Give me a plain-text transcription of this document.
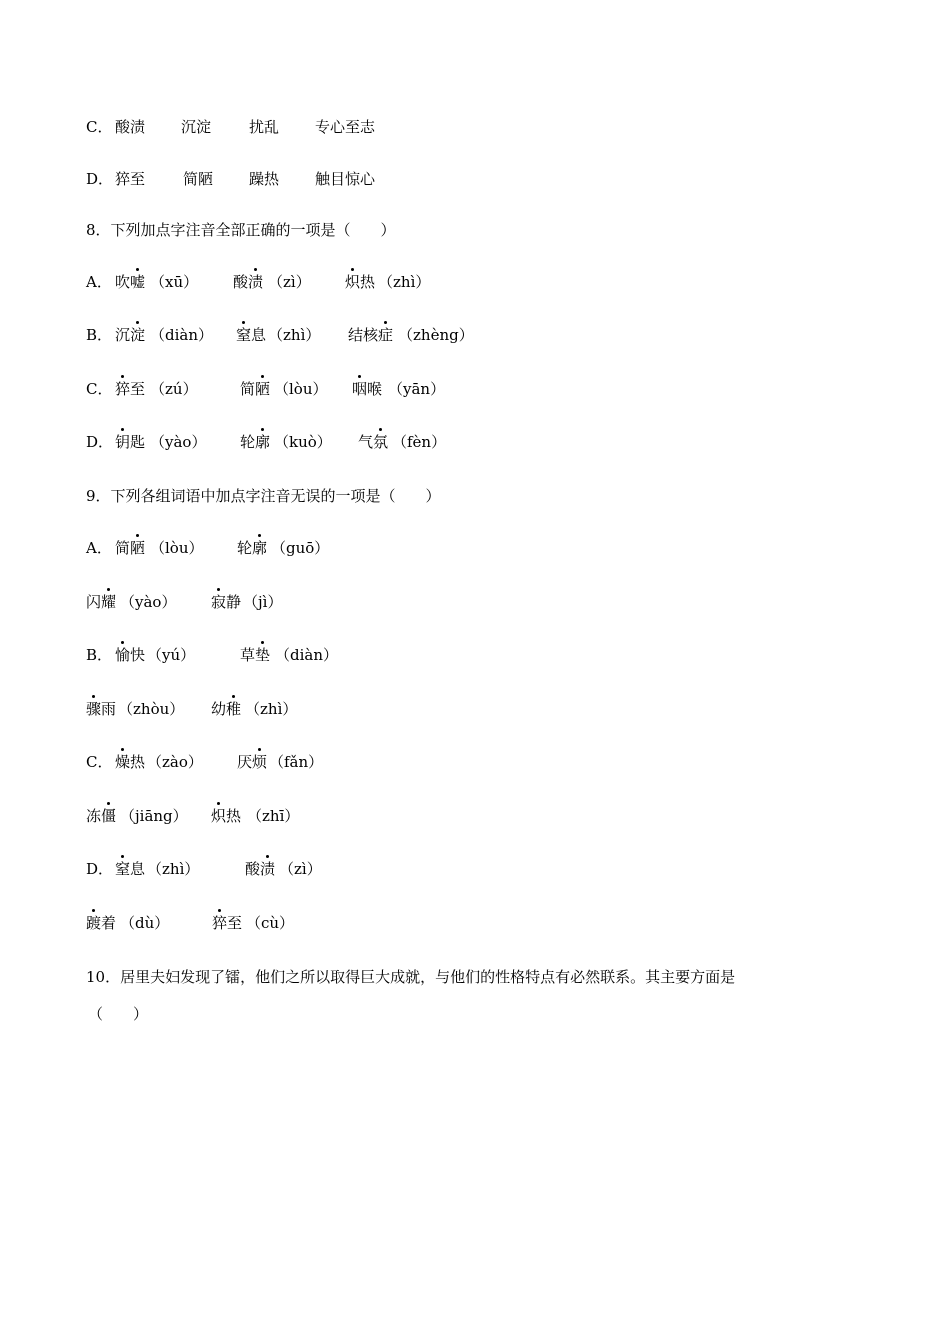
C． 酸渍 沉淀	扰乱 专心至志
D． 猝至	简陋 躁热 触目惊心
8．下列加点字注音全部正确的一项是（　　）
A． 吹嘘 （xū） 酸渍 （zì） 炽热 （zhì）
B． 沉淀 （diàn） 窒息 （zhì） 结核症 （zhèng）
C． 猝至 （zú）	简陋 （lòu） 咽喉 （yān）
D． 钥匙 （yào） 轮廓 （kuò） 气氛 （fèn）
9．下列各组词语中加点字注音无误的一项是（　　）
A． 简陋 （lòu） 轮廓 （guō）
闪耀 （yào） 寂静 （jì）
B． 愉快 （yú）	草垫 （diàn）
骤雨 （zhòu） 幼稚 （zhì）
C． 燥热 （zào） 厌烦 （fǎn）
冻僵 （jiāng） 炽热 （zhī）
D． 窒息 （zhì）	酸渍 （zì）
踱着 （dù）	猝至 （cù）
10．居里夫妇发现了镭，他们之所以取得巨大成就，与他们的性格特点有必然联系。其主要方面是
（　　）
